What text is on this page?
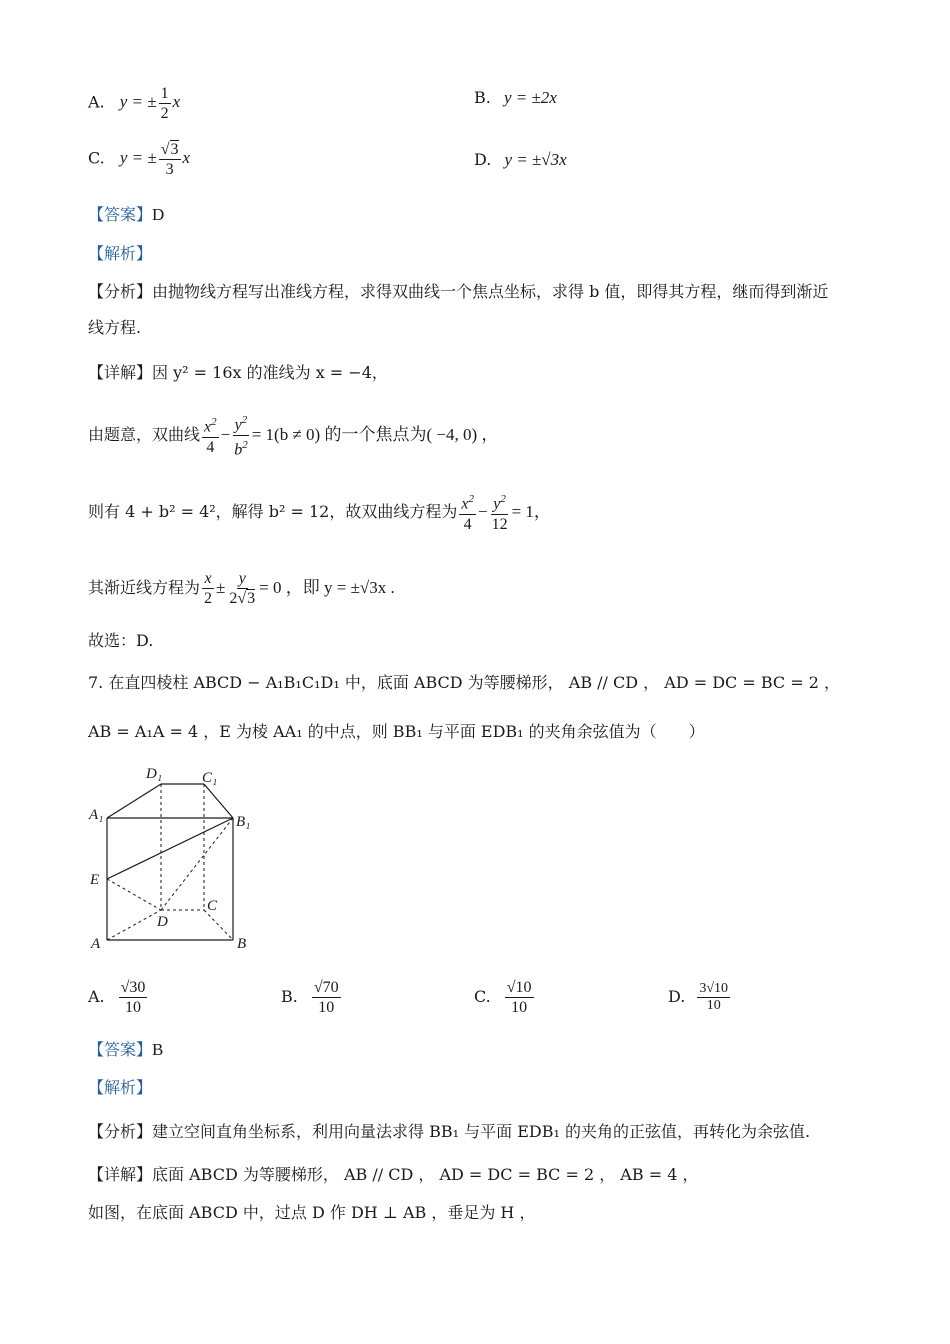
A. y = ± $\frac{1}{2}$ x	B. y = ±2x
C. y = ± $\frac{√3}{3}$ x	D. y = ±√3x
【答案】D
【解析】
【分析】由抛物线方程写出准线方程，求得双曲线一个焦点坐标，求得 b 值，即得其方程，继而得到渐近
线方程.
【详解】因 y² = 16x 的准线为 x = −4，
由题意，双曲线 $\frac{x^2}{4} - \frac{y^2}{b^2} = 1(b \ne 0)$ 的一个焦点为( −4, 0) ，
则有 4 + b² = 4²，解得 b² = 12，故双曲线方程为 $\frac{x^2}{4} - \frac{y^2}{12} = 1$，
其渐近线方程为 $\frac{x}{2} \pm \frac{y}{2√3} = 0$ ，即 y = ±√3x .
故选：D.
7. 在直四棱柱 ABCD − A₁B₁C₁D₁ 中，底面 ABCD 为等腰梯形， AB // CD ， AD = DC = BC = 2 ，
AB = A₁A = 4 ，E 为棱 AA₁ 的中点，则 BB₁ 与平面 EDB₁ 的夹角余弦值为（　　）
D₁	C₁
A₁	B₁
E
D
C
A	B
A. $\frac{√30}{10}$	B. $\frac{√70}{10}$	C. $\frac{√10}{10}$	D. $\frac{3√10}{10}$
【答案】B
【解析】
【分析】建立空间直角坐标系，利用向量法求得 BB₁ 与平面 EDB₁ 的夹角的正弦值，再转化为余弦值.
【详解】底面 ABCD 为等腰梯形， AB // CD ， AD = DC = BC = 2 ， AB = 4 ，
如图，在底面 ABCD 中，过点 D 作 DH ⊥ AB ，垂足为 H ，
